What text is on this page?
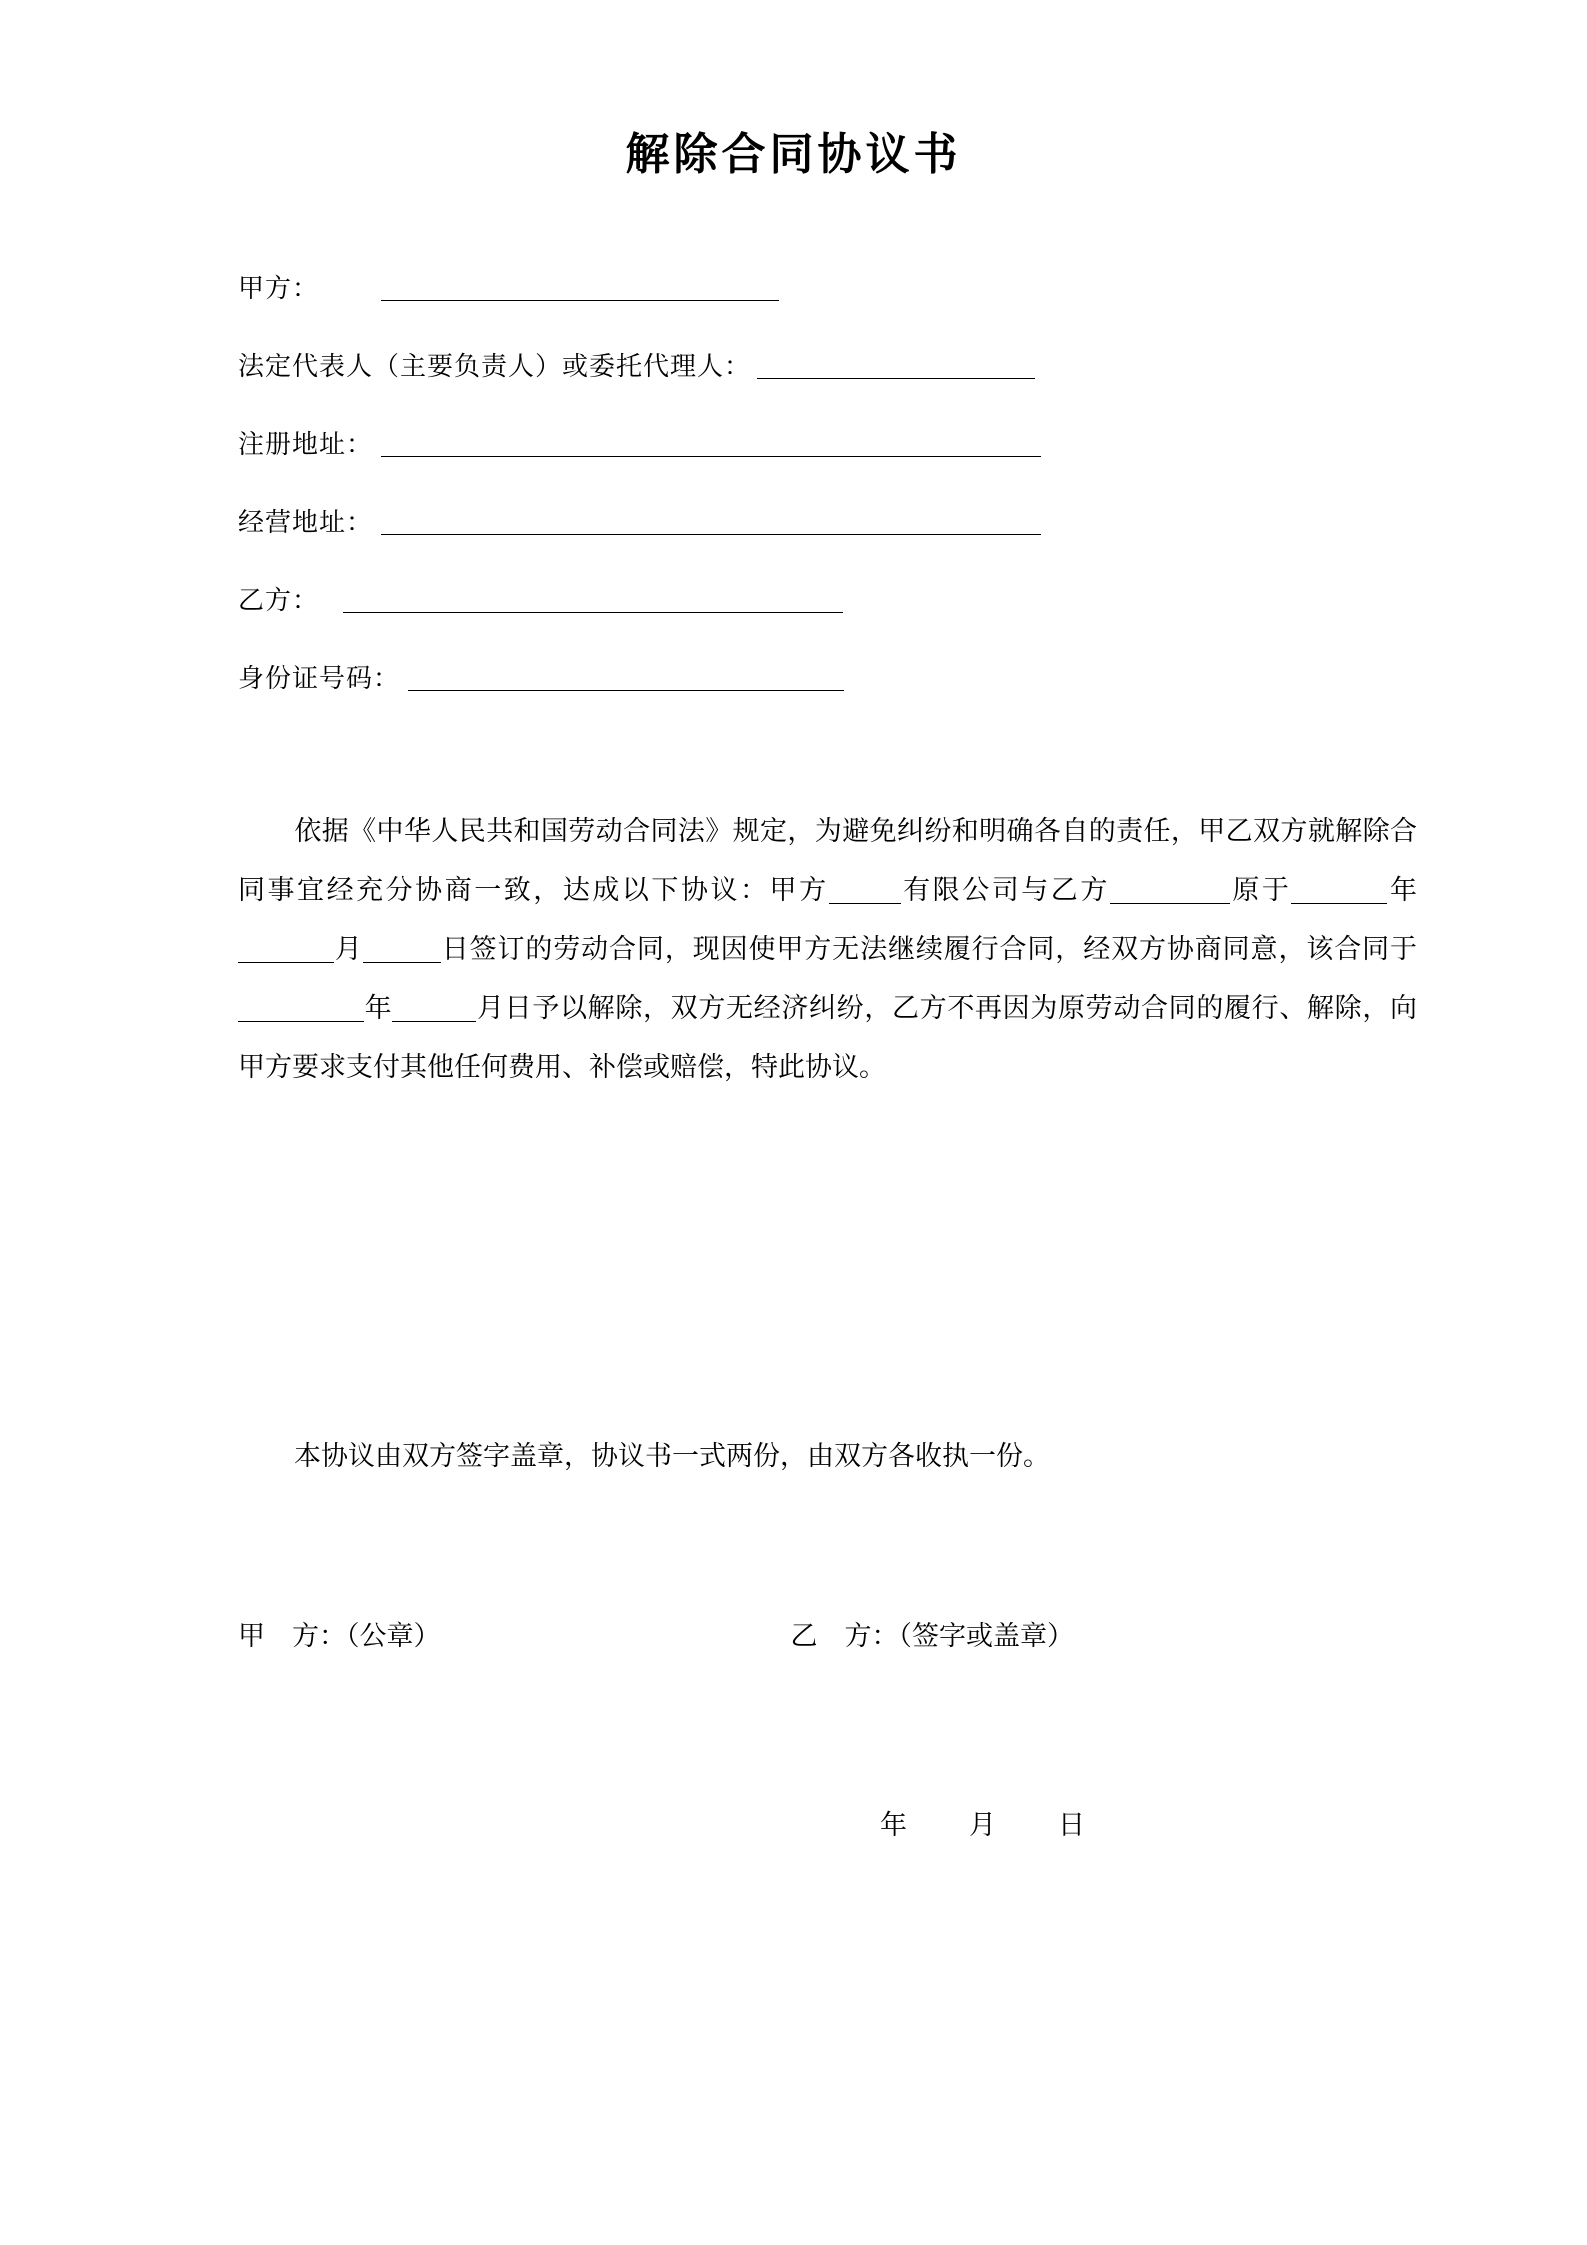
解除合同协议书
甲方：
法定代表人（主要负责人）或委托代理人：
注册地址：
经营地址：
乙方：
身份证号码：

依据《中华人民共和国劳动合同法》规定，为避免纠纷和明确各自的责任，甲乙双方就解除合同事宜经充分协商一致，达成以下协议：甲方	有限公司与乙方	原于	年月	日签订的劳动合同，现因使甲方无法继续履行合同，经双方协商同意，该合同于年	月日予以解除，双方无经济纠纷，乙方不再因为原劳动合同的履行、解除，向甲方要求支付其他任何费用、补偿或赔偿，特此协议。

本协议由双方签字盖章，协议书一式两份，由双方各收执一份。

甲　方：（公章）	乙　方：（签字或盖章）
年 月 日
